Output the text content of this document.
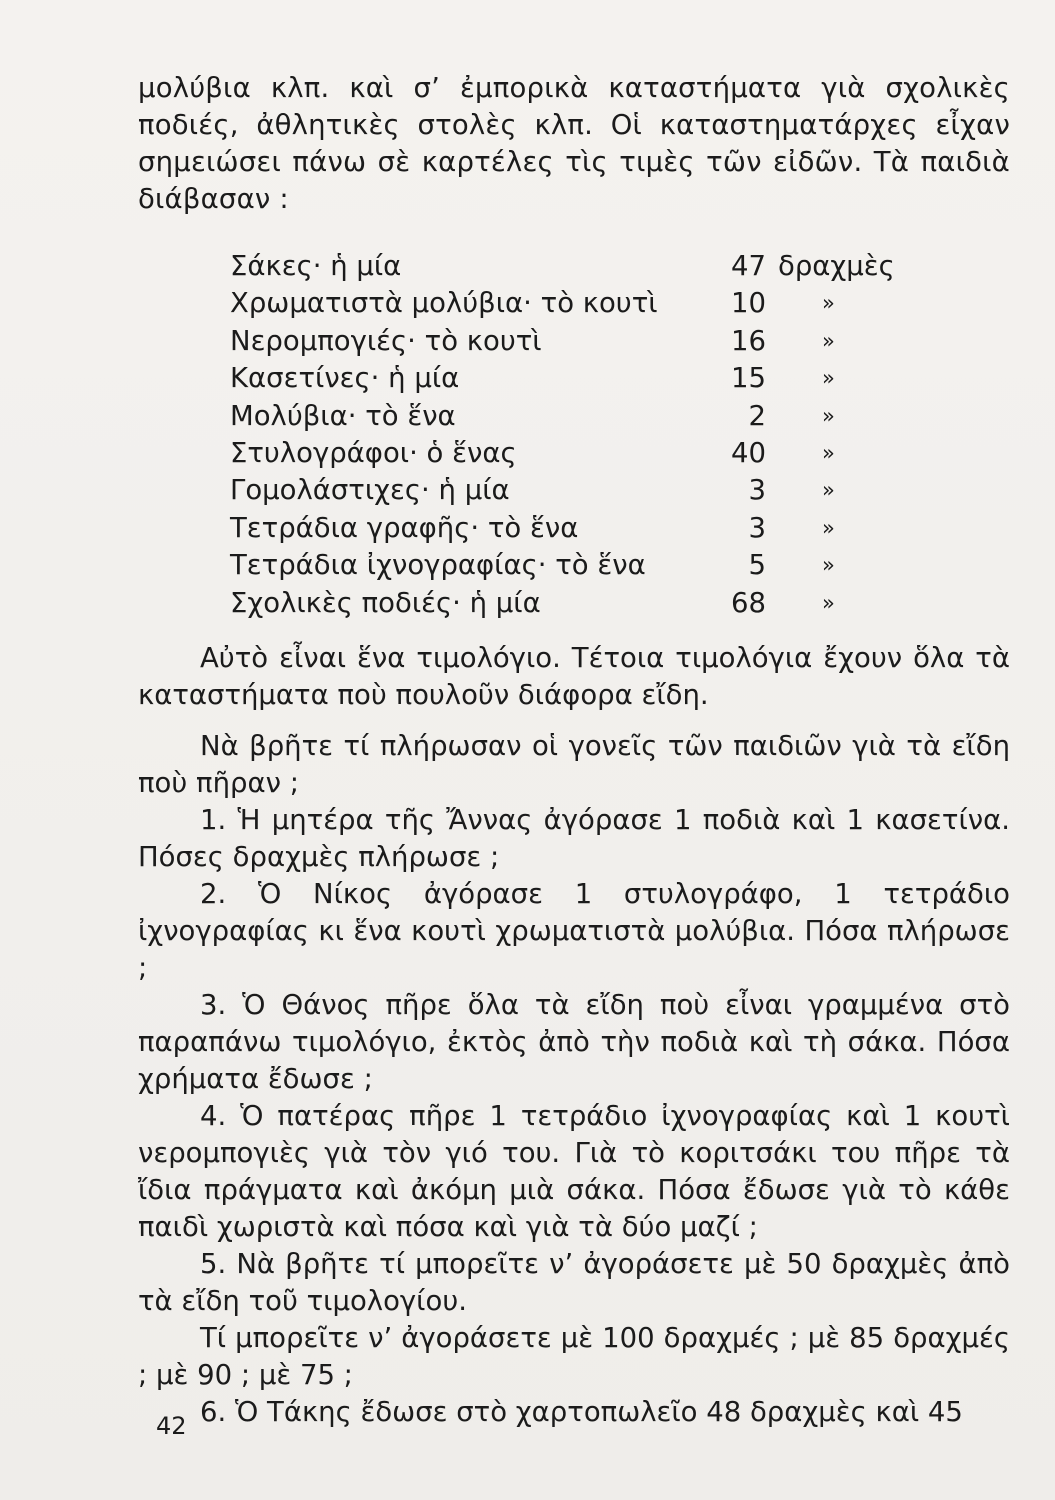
μολύβια κλπ. καὶ σ’ ἐμπορικὰ καταστήματα γιὰ σχολικὲς ποδιές, ἀθλητικὲς στολὲς κλπ. Οἱ καταστηματάρχες εἶχαν σημειώσει πάνω σὲ καρτέλες τὶς τιμὲς τῶν εἰδῶν. Τὰ παιδιὰ διάβασαν :

Σάκες· ἡ μία	47 δραχμὲς
Χρωματιστὰ μολύβια· τὸ κουτὶ	10	»
Νερομπογιές· τὸ κουτὶ	16	»
Κασετίνες· ἡ μία	15	»
Μολύβια· τὸ ἕνα	2	»
Στυλογράφοι· ὁ ἕνας	40	»
Γομολάστιχες· ἡ μία	3	»
Τετράδια γραφῆς· τὸ ἕνα	3	»
Τετράδια ἰχνογραφίας· τὸ ἕνα	5	»
Σχολικὲς ποδιές· ἡ μία	68	»

Αὐτὸ εἶναι ἕνα τιμολόγιο. Τέτοια τιμολόγια ἔχουν ὅλα τὰ καταστήματα ποὺ πουλοῦν διάφορα εἴδη.

Νὰ βρῆτε τί πλήρωσαν οἱ γονεῖς τῶν παιδιῶν γιὰ τὰ εἴδη ποὺ πῆραν ;

1. Ἡ μητέρα τῆς Ἄννας ἀγόρασε 1 ποδιὰ καὶ 1 κασετίνα. Πόσες δραχμὲς πλήρωσε ;

2. Ὁ Νίκος ἀγόρασε 1 στυλογράφο, 1 τετράδιο ἰχνογραφίας κι ἕνα κουτὶ χρωματιστὰ μολύβια. Πόσα πλήρωσε ;

3. Ὁ Θάνος πῆρε ὅλα τὰ εἴδη ποὺ εἶναι γραμμένα στὸ παραπάνω τιμολόγιο, ἐκτὸς ἀπὸ τὴν ποδιὰ καὶ τὴ σάκα. Πόσα χρήματα ἔδωσε ;

4. Ὁ πατέρας πῆρε 1 τετράδιο ἰχνογραφίας καὶ 1 κουτὶ νερομπογιὲς γιὰ τὸν γιό του. Γιὰ τὸ κοριτσάκι του πῆρε τὰ ἴδια πράγματα καὶ ἀκόμη μιὰ σάκα. Πόσα ἔδωσε γιὰ τὸ κάθε παιδὶ χωριστὰ καὶ πόσα καὶ γιὰ τὰ δύο μαζί ;

5. Νὰ βρῆτε τί μπορεῖτε ν’ ἀγοράσετε μὲ 50 δραχμὲς ἀπὸ τὰ εἴδη τοῦ τιμολογίου.

Τί μπορεῖτε ν’ ἀγοράσετε μὲ 100 δραχμές ; μὲ 85 δραχμές ; μὲ 90 ; μὲ 75 ;

6. Ὁ Τάκης ἔδωσε στὸ χαρτοπωλεῖο 48 δραχμὲς καὶ 45

42
